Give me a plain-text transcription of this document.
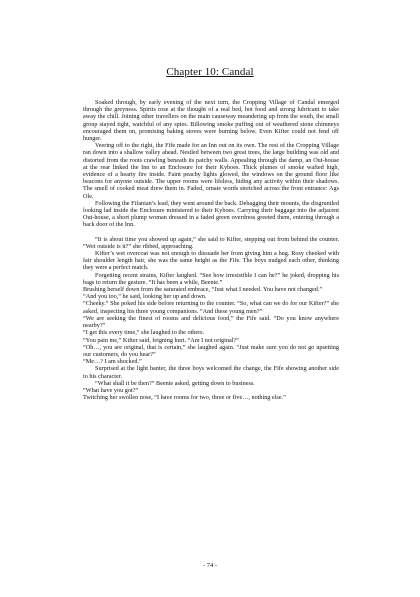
Chapter 10: Candal

Soaked through, by early evening of the next turn, the Cropping Village of Candal emerged through the greyness. Spirits rose at the thought of a real bed, hot food and strong lubricant to take away the chill. Joining other travellers on the main causeway meandering up from the south, the small group stayed tight, watchful of any spies. Billowing smoke puffing out of weathered stone chimneys encouraged them on, promising baking stoves were burning below. Even Kifter could not fend off hunger.

Veering off to the right, the Fife made for an Inn out on its own. The rest of the Cropping Village ran down into a shallow valley ahead. Nestled between two great trees, the large building was old and distorted from the roots crawling beneath its patchy walls. Appealing through the damp, an Out-house at the rear linked the Inn to an Enclosure for their Kyboes. Thick plumes of smoke wafted high, evidence of a hearty fire inside. Faint peachy lights glowed, the windows on the ground floor like beacons for anyone outside. The upper rooms were lifeless, hiding any activity within their shadows. The smell of cooked meat drew them in. Faded, ornate words stretched across the front entrance: Ags Ole.

Following the Fifanian’s lead, they went around the back. Debagging their mounts, the disgruntled looking lad inside the Enclosure ministered to their Kyboes. Carrying their baggage into the adjacent Out-house, a short plump woman dressed in a faded green overdress greeted them, entering through a back door of the Inn.

“It is about time you showed up again,” she said to Kifter, stepping out from behind the counter. “Wet outside is it?” she ribbed, approaching.

Kifter’s wet overcoat was not enough to dissuade her from giving him a hug. Rosy cheeked with fair shoulder length hair, she was the same height as the Fife. The boys nudged each other, thinking they were a perfect match.

Forgetting recent strains, Kifter laughed. “See how irresistible I can be?” he joked, dropping his bags to return the gesture. “It has been a while, Beenie.”

Brushing herself down from the saturated embrace, “Just what I needed. You have not changed.”

“And you too,” he said, looking her up and down.

“Cheeky.” She poked his side before returning to the counter. “So, what can we do for our Kifter?” she asked, inspecting his three young companions. “And these young men?”

“We are seeking the finest of rooms and delicious food,” the Fife said. “Do you know anywhere nearby?”

“I get this every time,” she laughed to the others.

“You pain me,” Kifter said, feigning hurt. “Am I not original?”

“Oh…, you are original, that is certain,” she laughed again. “Just make sure you do not go upsetting our customers, do you hear?”

“Me…? I am shocked.”

Surprised at the light banter, the three boys welcomed the change, the Fife showing another side to his character.

“What shall it be then?” Beenie asked, getting down to business.

“What have you got?”

Twitching her swollen nose, “I have rooms for two, three or five…, nothing else.”

- 74 -
